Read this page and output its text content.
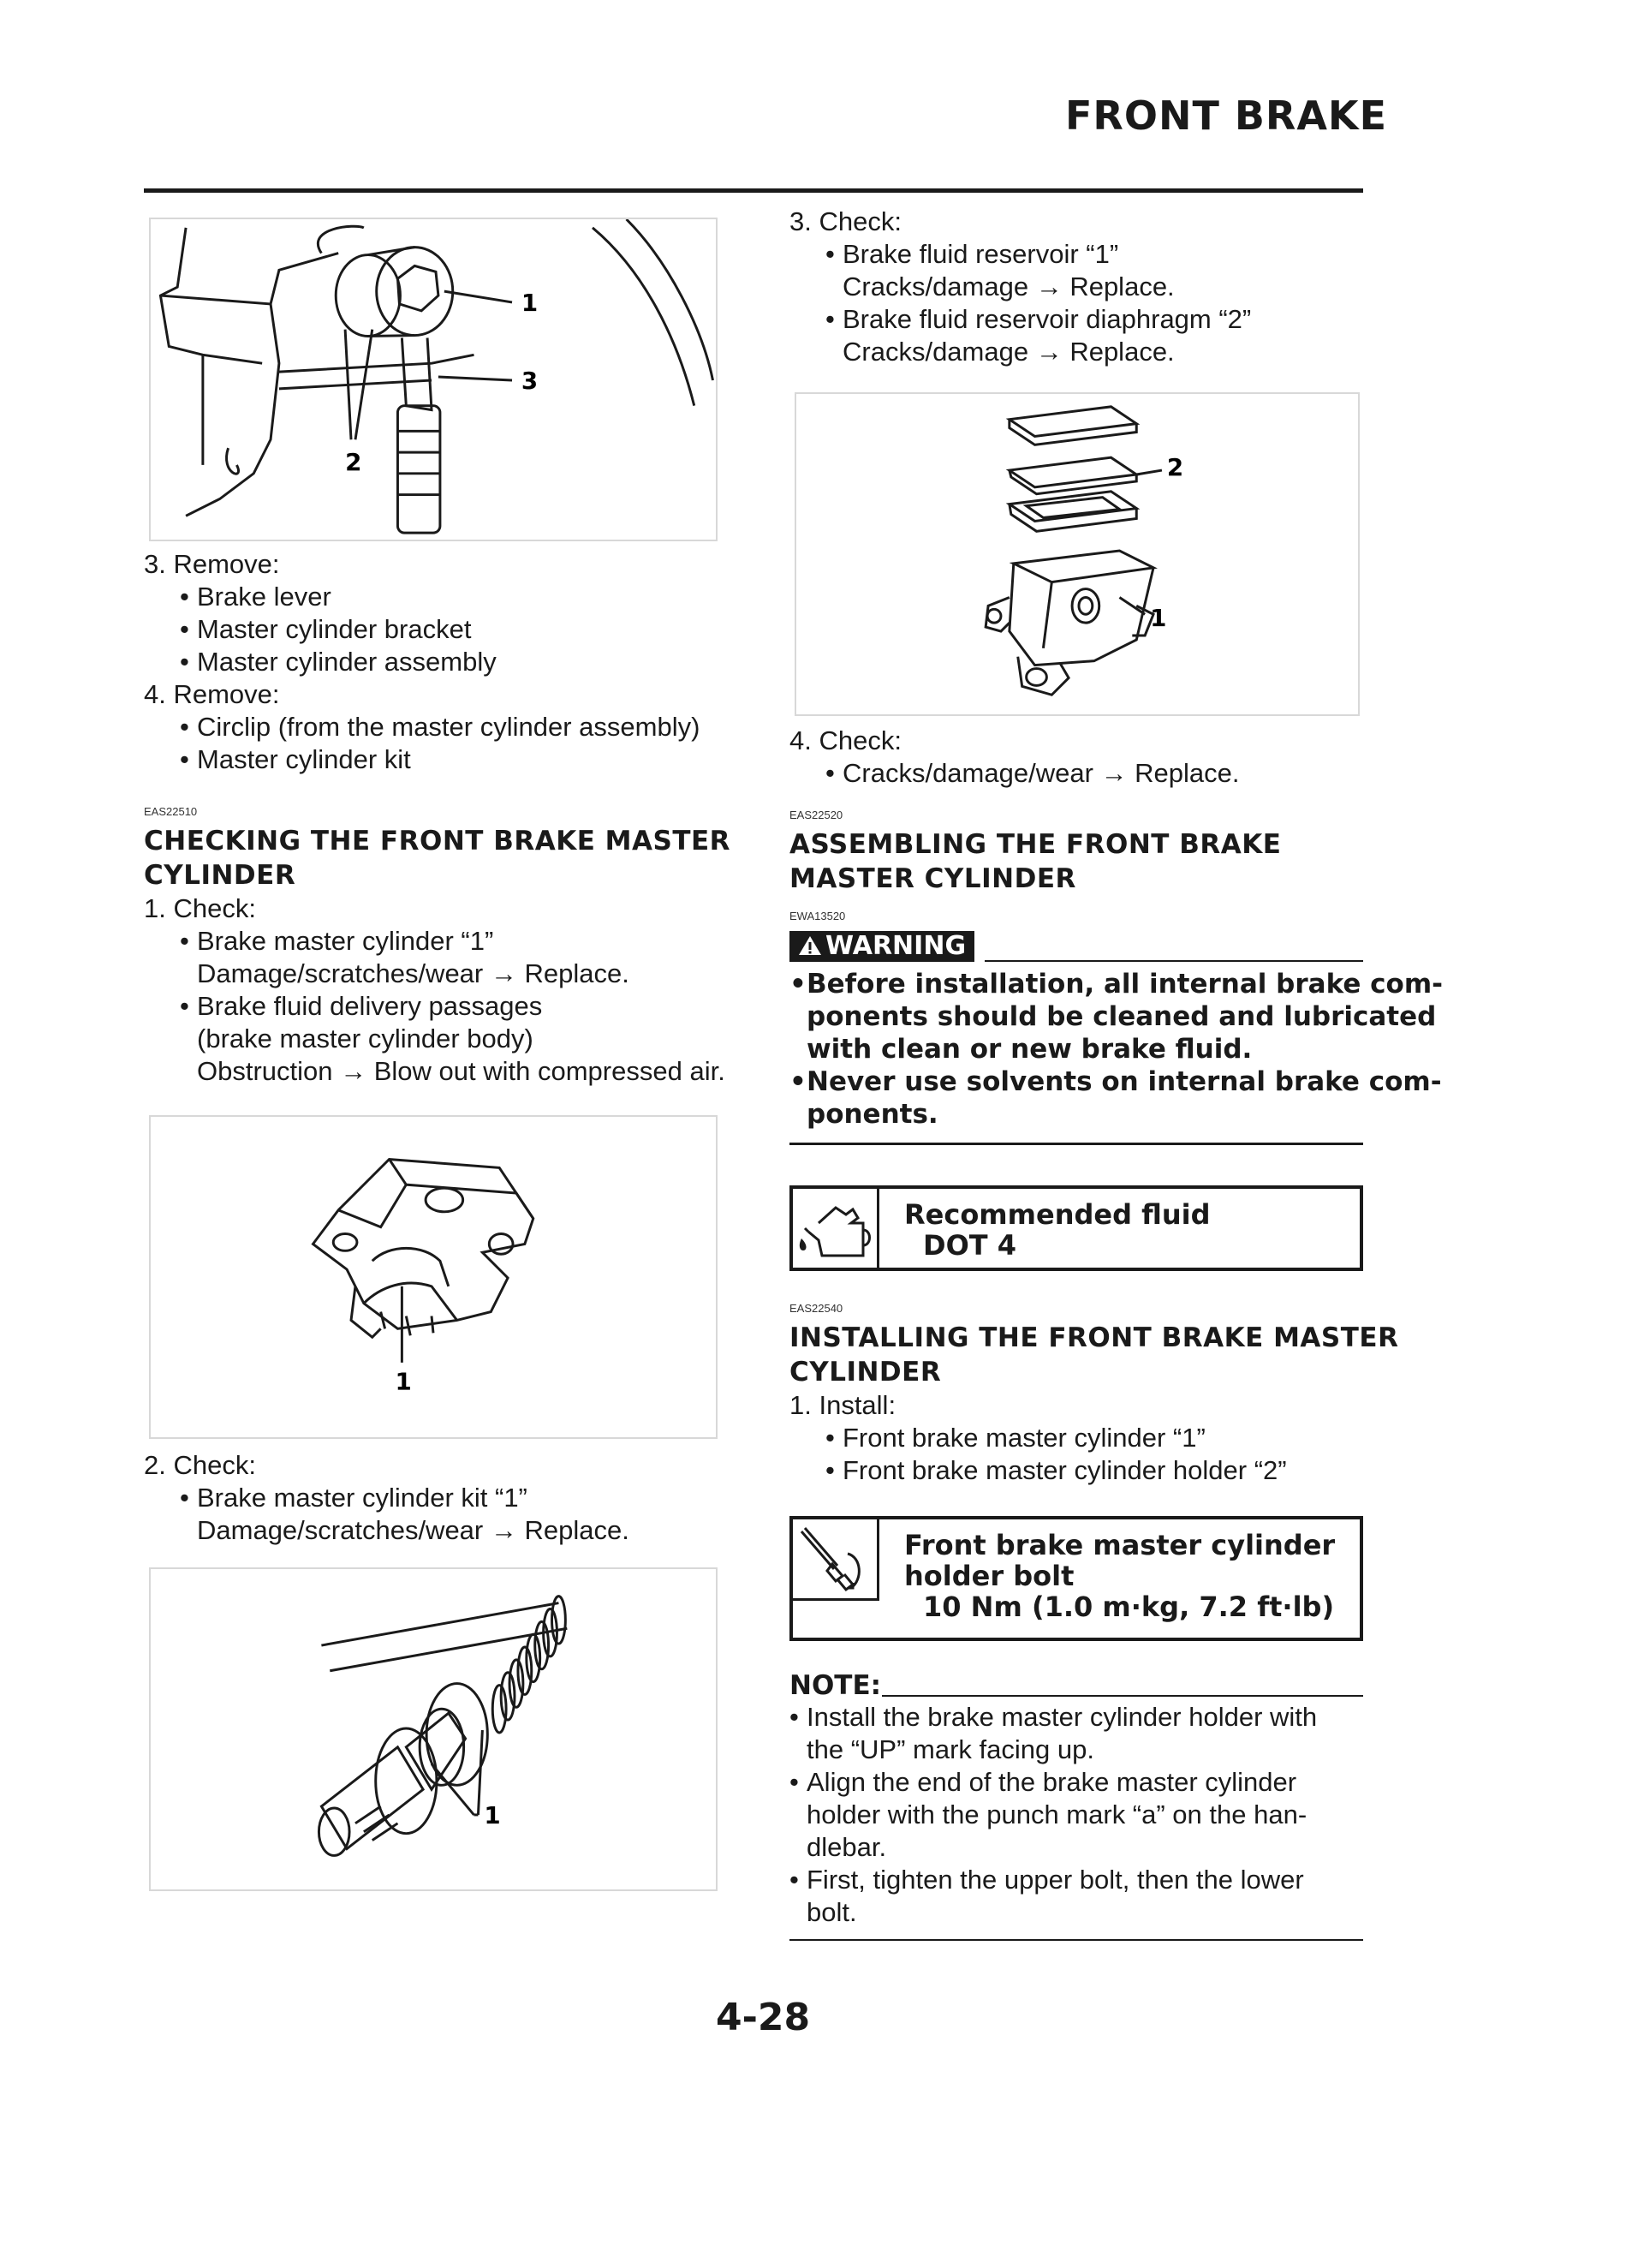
FRONT BRAKE
1
3
2
3. Remove:
• Brake lever
• Master cylinder bracket
• Master cylinder assembly
4. Remove:
• Circlip (from the master cylinder assembly)
• Master cylinder kit
EAS22510
CHECKING THE FRONT BRAKE MASTER
CYLINDER
1. Check:
• Brake master cylinder “1”
Damage/scratches/wear → Replace.
• Brake fluid delivery passages
(brake master cylinder body)
Obstruction → Blow out with compressed air.
1
2. Check:
• Brake master cylinder kit “1”
Damage/scratches/wear → Replace.
1
3. Check:
• Brake fluid reservoir “1”
Cracks/damage → Replace.
• Brake fluid reservoir diaphragm “2”
Cracks/damage → Replace.
2
1
4. Check:
• Cracks/damage/wear → Replace.
EAS22520
ASSEMBLING THE FRONT BRAKE
MASTER CYLINDER
EWA13520
WARNING
• Before installation, all internal brake com-
ponents should be cleaned and lubricated
with clean or new brake fluid.
• Never use solvents on internal brake com-
ponents.
Recommended fluid
DOT 4
EAS22540
INSTALLING THE FRONT BRAKE MASTER
CYLINDER
1. Install:
• Front brake master cylinder “1”
• Front brake master cylinder holder “2”
Front brake master cylinder
holder bolt
10 Nm (1.0 m·kg, 7.2 ft·lb)
NOTE:
• Install the brake master cylinder holder with
the “UP” mark facing up.
• Align the end of the brake master cylinder
holder with the punch mark “a” on the han-
dlebar.
• First, tighten the upper bolt, then the lower
bolt.
4-28
